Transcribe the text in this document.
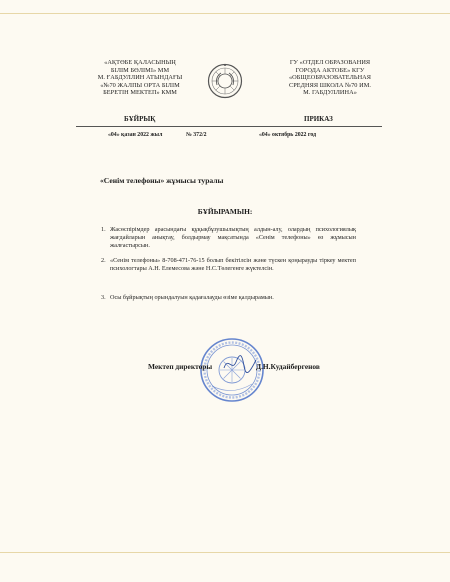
«АҚТӨБЕ ҚАЛАСЫНЫҢ
БІЛІМ БӨЛІМІ» ММ
М. ҒАБДУЛЛИН АТЫНДАҒЫ
«№70 ЖАЛПЫ ОРТА БІЛІМ
БЕРЕТІН МЕКТЕП» КММ
ГУ «ОТДЕЛ ОБРАЗОВАНИЯ
ГОРОДА АКТОБЕ» КГУ
«ОБЩЕОБРАЗОВАТЕЛЬНАЯ
СРЕДНЯЯ ШКОЛА №70 ИМ.
М. ГАБДУЛЛИНА»
БҰЙРЫҚ	ПРИКАЗ
«04» қазан 2022 жыл	№ 372/2	«04» октябрь 2022 год
«Сенім телефоны» жұмысы туралы
БҰЙЫРАМЫН:
1. Жасөспірімдер арасындағы құқықбұзушылықтың алдын-алу, олардың психологиялық жағдайларын анықтау, болдырмау мақсатында «Сенім телефоны» өз жұмысын жалғастырсын.
2. «Сенім телефоны» 8-708-471-76-15 болып бекітілсін және түскен қоңырауды тіркеу мектеп психологтары А.Н. Елемесова және Н.С.Төлегенге жүктелсін.
3. Осы бұйрықтың орындалуын қадағалауды өзіме қалдырамын.
Мектеп директоры	Д.Н.Кудайбергенов
